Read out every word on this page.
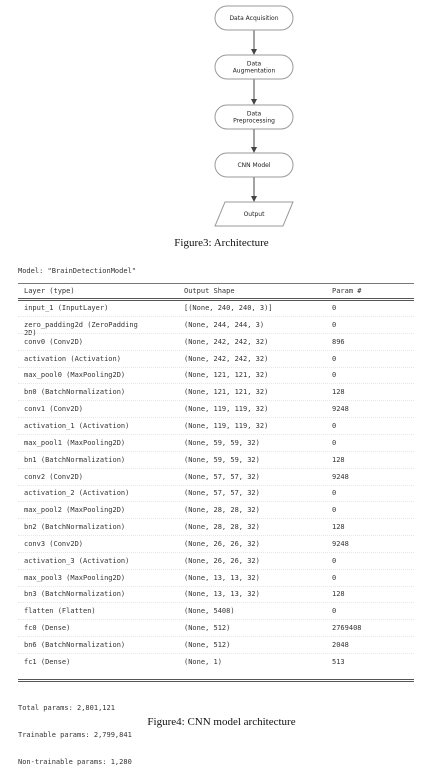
Data Acquisition
Data
Augmentation
Data
Preprocessing
CNN Model
Output
Figure3: Architecture
Model: "BrainDetectionModel"
Layer (type)	Output Shape	Param #
input_1 (InputLayer)	[(None, 240, 240, 3)]	0
zero_padding2d (ZeroPadding
2D)
(None, 244, 244, 3)	0
conv0 (Conv2D)	(None, 242, 242, 32)	896
activation (Activation)	(None, 242, 242, 32)	0
max_pool0 (MaxPooling2D)	(None, 121, 121, 32)	0
bn0 (BatchNormalization)	(None, 121, 121, 32)	128
conv1 (Conv2D)	(None, 119, 119, 32)	9248
activation_1 (Activation)	(None, 119, 119, 32)	0
max_pool1 (MaxPooling2D)	(None, 59, 59, 32)	0
bn1 (BatchNormalization)	(None, 59, 59, 32)	128
conv2 (Conv2D)	(None, 57, 57, 32)	9248
activation_2 (Activation)	(None, 57, 57, 32)	0
max_pool2 (MaxPooling2D)	(None, 28, 28, 32)	0
bn2 (BatchNormalization)	(None, 28, 28, 32)	128
conv3 (Conv2D)	(None, 26, 26, 32)	9248
activation_3 (Activation)	(None, 26, 26, 32)	0
max_pool3 (MaxPooling2D)	(None, 13, 13, 32)	0
bn3 (BatchNormalization)	(None, 13, 13, 32)	128
flatten (Flatten)	(None, 5408)	0
fc0 (Dense)	(None, 512)	2769408
bn6 (BatchNormalization)	(None, 512)	2048
fc1 (Dense)	(None, 1)	513

Total params: 2,801,121

Trainable params: 2,799,841

Non-trainable params: 1,280

Figure4: CNN model architecture
